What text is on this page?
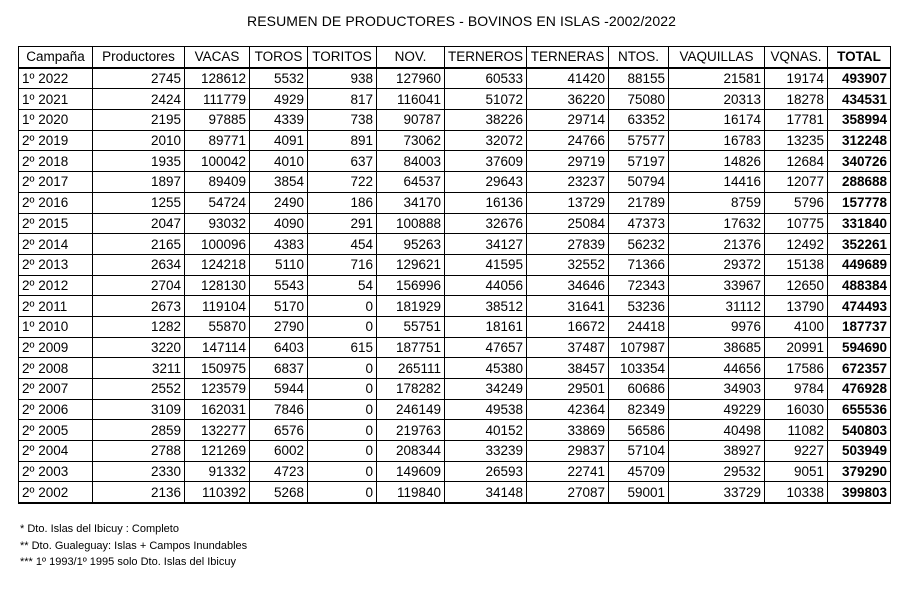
RESUMEN DE PRODUCTORES - BOVINOS EN ISLAS -2002/2022
Campaña	Productores	VACAS	TOROS	TORITOS	NOV.	TERNEROS	TERNERAS	NTOS.	VAQUILLAS	VQNAS.	TOTAL
1º 2022	2745	128612	5532	938	127960	60533	41420	88155	21581	19174	493907
1º 2021	2424	111779	4929	817	116041	51072	36220	75080	20313	18278	434531
1º 2020	2195	97885	4339	738	90787	38226	29714	63352	16174	17781	358994
2º 2019	2010	89771	4091	891	73062	32072	24766	57577	16783	13235	312248
2º 2018	1935	100042	4010	637	84003	37609	29719	57197	14826	12684	340726
2º 2017	1897	89409	3854	722	64537	29643	23237	50794	14416	12077	288688
2º 2016	1255	54724	2490	186	34170	16136	13729	21789	8759	5796	157778
2º 2015	2047	93032	4090	291	100888	32676	25084	47373	17632	10775	331840
2º 2014	2165	100096	4383	454	95263	34127	27839	56232	21376	12492	352261
2º 2013	2634	124218	5110	716	129621	41595	32552	71366	29372	15138	449689
2º 2012	2704	128130	5543	54	156996	44056	34646	72343	33967	12650	488384
2º 2011	2673	119104	5170	0	181929	38512	31641	53236	31112	13790	474493
1º 2010	1282	55870	2790	0	55751	18161	16672	24418	9976	4100	187737
2º 2009	3220	147114	6403	615	187751	47657	37487	107987	38685	20991	594690
2º 2008	3211	150975	6837	0	265111	45380	38457	103354	44656	17586	672357
2º 2007	2552	123579	5944	0	178282	34249	29501	60686	34903	9784	476928
2º 2006	3109	162031	7846	0	246149	49538	42364	82349	49229	16030	655536
2º 2005	2859	132277	6576	0	219763	40152	33869	56586	40498	11082	540803
2º 2004	2788	121269	6002	0	208344	33239	29837	57104	38927	9227	503949
2º 2003	2330	91332	4723	0	149609	26593	22741	45709	29532	9051	379290
2º 2002	2136	110392	5268	0	119840	34148	27087	59001	33729	10338	399803
* Dto. Islas del Ibicuy : Completo
** Dto. Gualeguay: Islas + Campos Inundables
*** 1º 1993/1º 1995 solo Dto. Islas del Ibicuy
